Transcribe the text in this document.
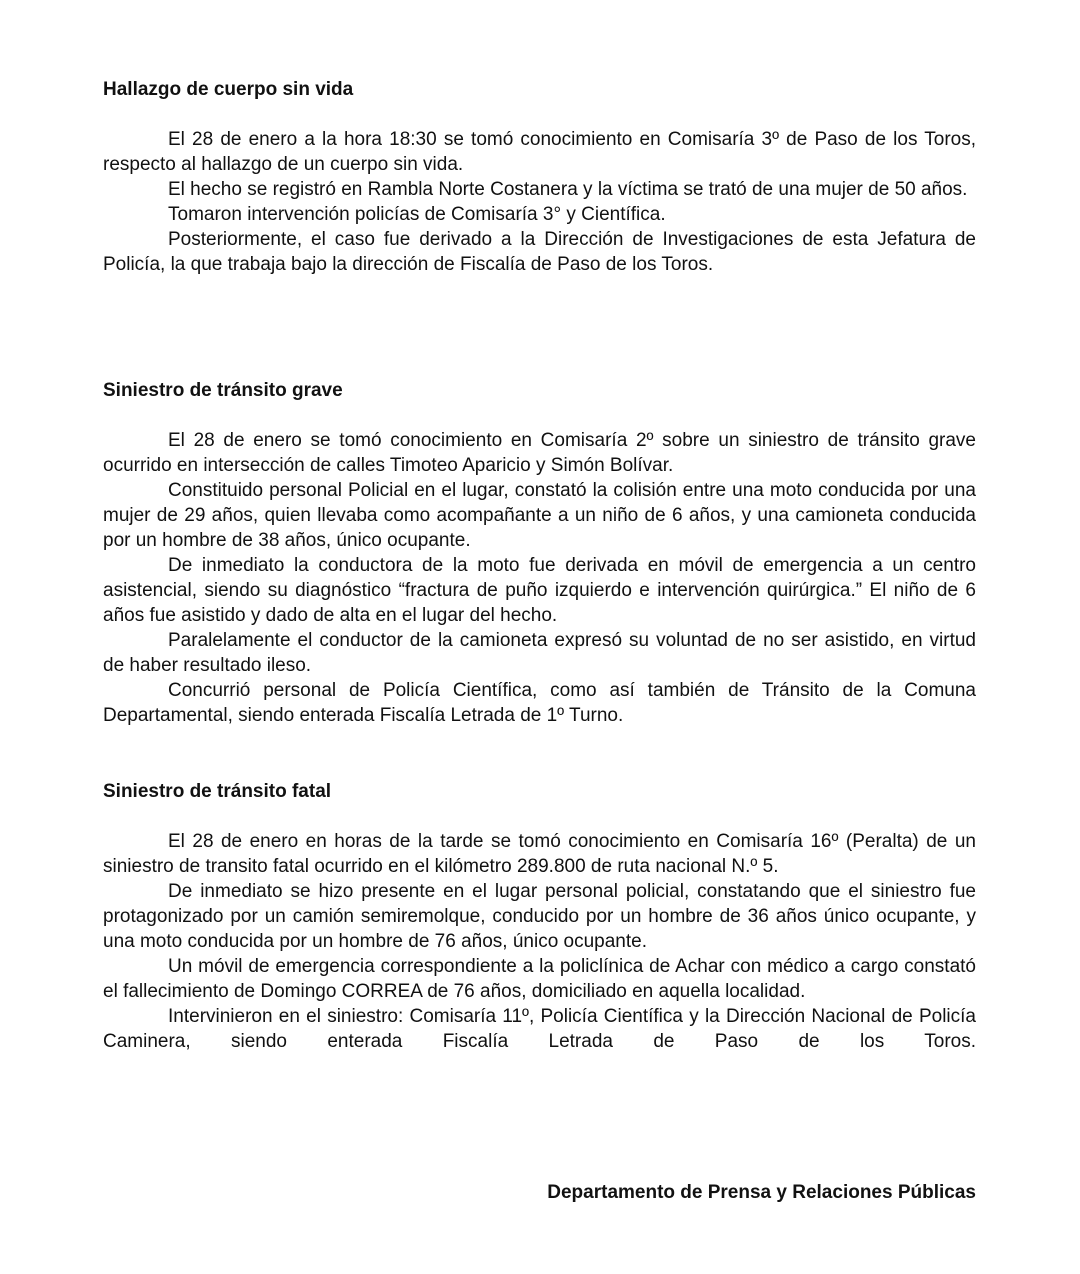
Hallazgo de cuerpo sin vida

El 28 de enero a la hora 18:30 se tomó conocimiento en Comisaría 3º de Paso de los Toros, respecto al hallazgo de un cuerpo sin vida.

El hecho se registró en Rambla Norte Costanera y la víctima se trató de una mujer de 50 años.

Tomaron intervención policías de Comisaría 3° y Científica.

Posteriormente, el caso fue derivado a la Dirección de Investigaciones de esta Jefatura de Policía, la que trabaja bajo la dirección de Fiscalía de Paso de los Toros.

Siniestro de tránsito grave

El 28 de enero se tomó conocimiento en Comisaría 2º sobre un siniestro de tránsito grave ocurrido en intersección de calles Timoteo Aparicio y Simón Bolívar.

Constituido personal Policial en el lugar, constató la colisión entre una moto conducida por una mujer de 29 años, quien llevaba como acompañante a un niño de 6 años, y una camioneta conducida por un hombre de 38 años, único ocupante.

De inmediato la conductora de la moto fue derivada en móvil de emergencia a un centro asistencial, siendo su diagnóstico “fractura de puño izquierdo e intervención quirúrgica.” El niño de 6 años fue asistido y dado de alta en el lugar del hecho.

Paralelamente el conductor de la camioneta expresó su voluntad de no ser asistido, en virtud de haber resultado ileso.

Concurrió personal de Policía Científica, como así también de Tránsito de la Comuna Departamental, siendo enterada Fiscalía Letrada de 1º Turno.

Siniestro de tránsito fatal

El 28 de enero en horas de la tarde se tomó conocimiento en Comisaría 16º (Peralta) de un siniestro de transito fatal ocurrido en el kilómetro 289.800 de ruta nacional N.º 5.

De inmediato se hizo presente en el lugar personal policial, constatando que el siniestro fue protagonizado por un camión semiremolque, conducido por un hombre de 36 años único ocupante, y una moto conducida por un hombre de 76 años, único ocupante.

Un móvil de emergencia correspondiente a la policlínica de Achar con médico a cargo constató el fallecimiento de Domingo CORREA de 76 años, domiciliado en aquella localidad.

Intervinieron en el siniestro: Comisaría 11º, Policía Científica y la Dirección Nacional de Policía Caminera, siendo enterada Fiscalía Letrada de Paso de los Toros.

Departamento de Prensa y Relaciones Públicas
